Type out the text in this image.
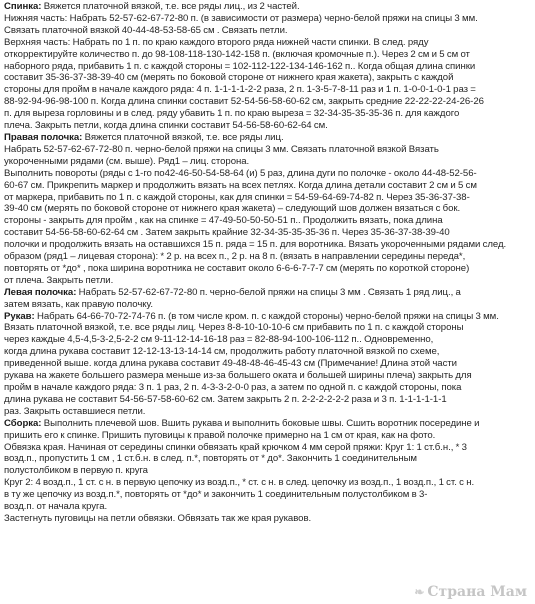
Спинка: Вяжется платочной вязкой, т.е. все ряды лиц., из 2 частей.
Нижняя часть: Набрать 52-57-62-67-72-80 п. (в зависимости от размера) черно-белой пряжи на спицы 3 мм.
Связать платочной вязкой 40-44-48-53-58-65 см . Связать петли.
Верхняя часть: Набрать по 1 п. по краю каждого второго ряда нижней части спинки. В след. ряду
откорректируйте количество п. до 98-108-118-130-142-158 п. (включая кромочные п.). Через 2 см и 5 см от
наборного ряда, прибавить 1 п. с каждой стороны = 102-112-122-134-146-162 п.. Когда общая длина спинки
составит 35-36-37-38-39-40 см (мерять по боковой стороне от нижнего края жакета), закрыть с каждой
стороны для пройм в начале каждого ряда: 4 п. 1-1-1-1-2-2 раза, 2 п. 1-3-5-7-8-11 раз и 1 п. 1-0-0-1-0-1 раз =
88-92-94-96-98-100 п. Когда длина спинки составит 52-54-56-58-60-62 см, закрыть средние 22-22-22-24-26-26
п. для выреза горловины и в след. ряду убавить 1 п. по краю выреза = 32-34-35-35-35-36 п. для каждого
плеча. Закрыть петли, когда длина спинки составит 54-56-58-60-62-64 см.
Правая полочка: Вяжется платочной вязкой, т.е. все ряды лиц.
Набрать 52-57-62-67-72-80 п. черно-белой пряжи на спицы 3 мм. Связать платочной вязкой Вязать
укороченными рядами (см. выше). Ряд1 – лиц. сторона.
Выполнить повороты (ряды с 1-го по42-46-50-54-58-64 (и) 5 раз, длина дуги по полочке - около 44-48-52-56-
60-67 см. Прикрепить маркер и продолжить вязать на всех петлях. Когда длина детали составит 2 см и 5 см
от маркера, прибавить по 1 п. с каждой стороны, как для спинки = 54-59-64-69-74-82 п. Через 35-36-37-38-
39-40 см (мерять по боковой стороне от нижнего края жакета) – следующий шов должен вязаться с бок.
стороны - закрыть для пройм , как на спинке = 47-49-50-50-50-51 п.. Продолжить вязать, пока длина
составит 54-56-58-60-62-64 см . Затем закрыть крайние 32-34-35-35-35-36 п. Через 35-36-37-38-39-40
полочки и продолжить вязать на оставшихся 15 п. ряда = 15 п. для воротника. Вязать укороченными рядами след.
образом (ряд1 – лицевая сторона): * 2 р. на всех п., 2 р. на 8 п. (вязать в направлении середины переда*,
повторять от *до* , пока ширина воротника не составит около 6-6-6-7-7-7 см (мерять по короткой стороне)
от плеча. Закрыть петли.
Левая полочка: Набрать 52-57-62-67-72-80 п. черно-белой пряжи на спицы 3 мм . Связать 1 ряд лиц., а
затем вязать, как правую полочку.
Рукав: Набрать 64-66-70-72-74-76 п. (в том числе кром. п. с каждой стороны) черно-белой пряжи на спицы 3 мм.
Вязать платочной вязкой, т.е. все ряды лиц. Через 8-8-10-10-10-6 см прибавить по 1 п. с каждой стороны
через каждые 4,5-4,5-3-2,5-2-2 см 9-11-12-14-16-18 раз = 82-88-94-100-106-112 п.. Одновременно,
когда длина рукава составит 12-12-13-13-14-14 см, продолжить работу платочной вязкой по схеме,
приведенной выше. когда длина рукава составит 49-48-48-46-45-43 см (Примечание! Длина этой части
рукава на жакете большего размера меньше из-за большего оката и большей ширины плеча) закрыть для
пройм в начале каждого ряда: 3 п. 1 раз, 2 п. 4-3-3-2-0-0 раз, а затем по одной п. с каждой стороны, пока
длина рукава не составит 54-56-57-58-60-62 см. Затем закрыть 2 п. 2-2-2-2-2-2 раза и 3 п. 1-1-1-1-1-1
раз. Закрыть оставшиеся петли.
Сборка: Выполнить плечевой шов. Вшить рукава и выполнить боковые швы. Сшить воротник посередине и
пришить его к спинке. Пришить пуговицы к правой полочке примерно на 1 см от края, как на фото.
Обвязка края. Начиная от середины спинки обвязать край крючком 4 мм серой пряжи: Круг 1: 1 ст.б.н., * 3
возд.п., пропустить 1 см , 1 ст.б.н. в след. п.*, повторять от * до*. Закончить 1 соединительным
полустолбиком в первую п. круга
Круг 2: 4 возд.п., 1 ст. с н. в первую цепочку из возд.п., * ст. с н. в след. цепочку из возд.п., 1 возд.п., 1 ст. с н.
в ту же цепочку из возд.п.*, повторять от *до* и закончить 1 соединительным полустолбиком в 3-
возд.п. от начала круга.
Застегнуть пуговицы на петли обвязки. Обвязать так же края рукавов.
❧ Страна Мам
